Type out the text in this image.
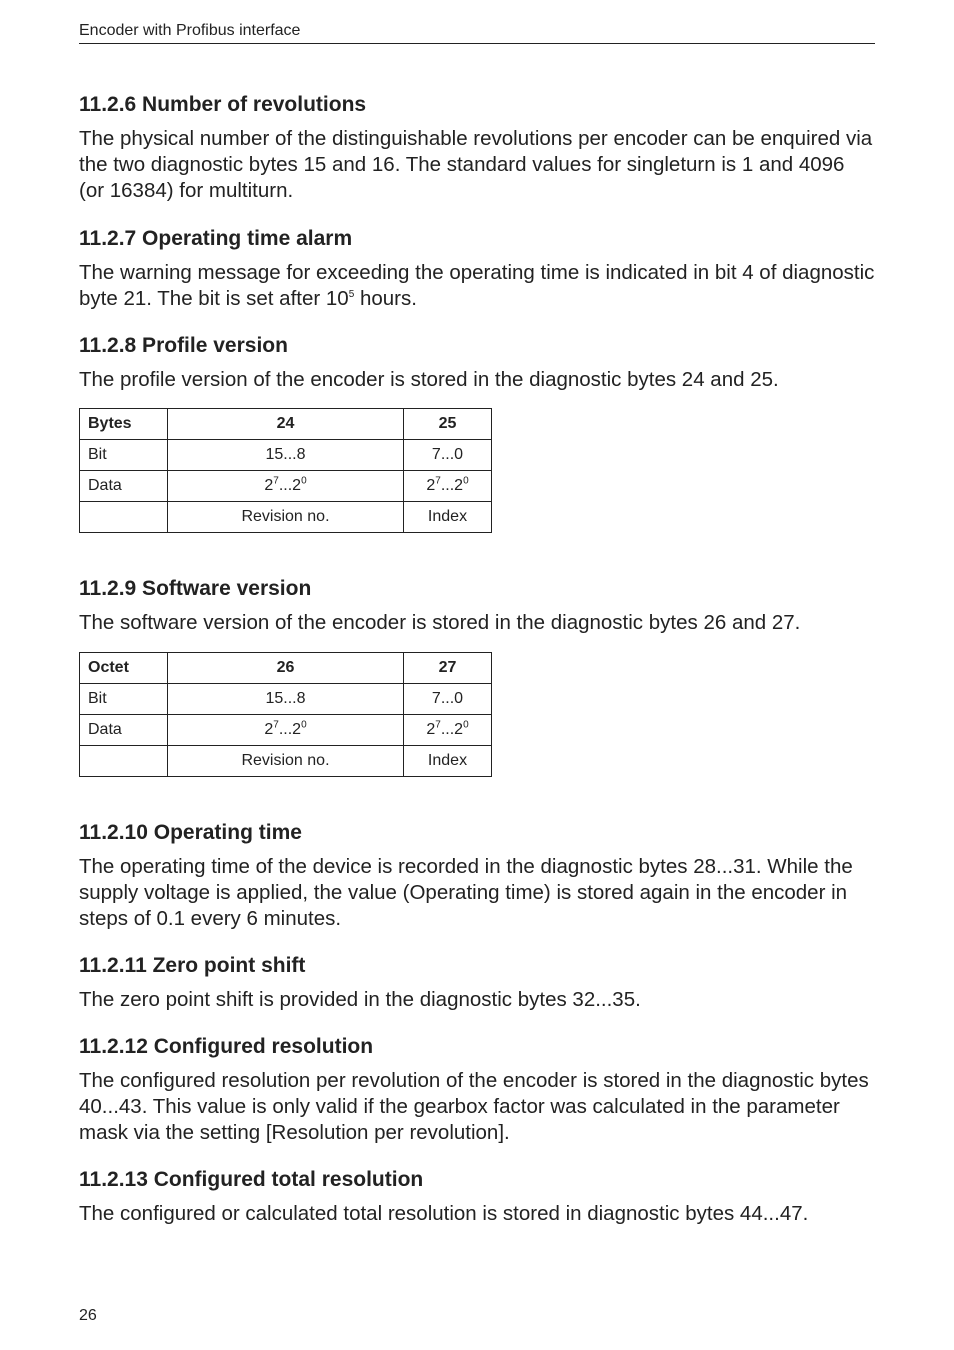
Encoder with Profibus interface
11.2.6 Number of revolutions

The physical number of the distinguishable revolutions per encoder can be enquired via the two diagnostic bytes 15 and 16. The standard values for singleturn is 1 and 4096 (or 16384) for multiturn.

11.2.7 Operating time alarm

The warning message for exceeding the operating time is indicated in bit 4 of diagnostic byte 21. The bit is set after $10^5$ hours.

11.2.8 Profile version

The profile version of the encoder is stored in the diagnostic bytes 24 and 25.

Bytes	24	25
Bit	15...8	7...0
Data	$2^7...2^0$	$2^7...2^0$
	Revision no.	Index
11.2.9 Software version

The software version of the encoder is stored in the diagnostic bytes 26 and 27.

Octet	26	27
Bit	15...8	7...0
Data	$2^7...2^0$	$2^7...2^0$
	Revision no.	Index
11.2.10 Operating time

The operating time of the device is recorded in the diagnostic bytes 28...31. While the supply voltage is applied, the value (Operating time) is stored again in the encoder in steps of 0.1 every 6 minutes.

11.2.11 Zero point shift

The zero point shift is provided in the diagnostic bytes 32...35.

11.2.12 Configured resolution

The configured resolution per revolution of the encoder is stored in the diagnostic bytes 40...43. This value is only valid if the gearbox factor was calculated in the parameter mask via the setting [Resolution per revolution].

11.2.13 Configured total resolution

The configured or calculated total resolution is stored in diagnostic bytes 44...47.

26
